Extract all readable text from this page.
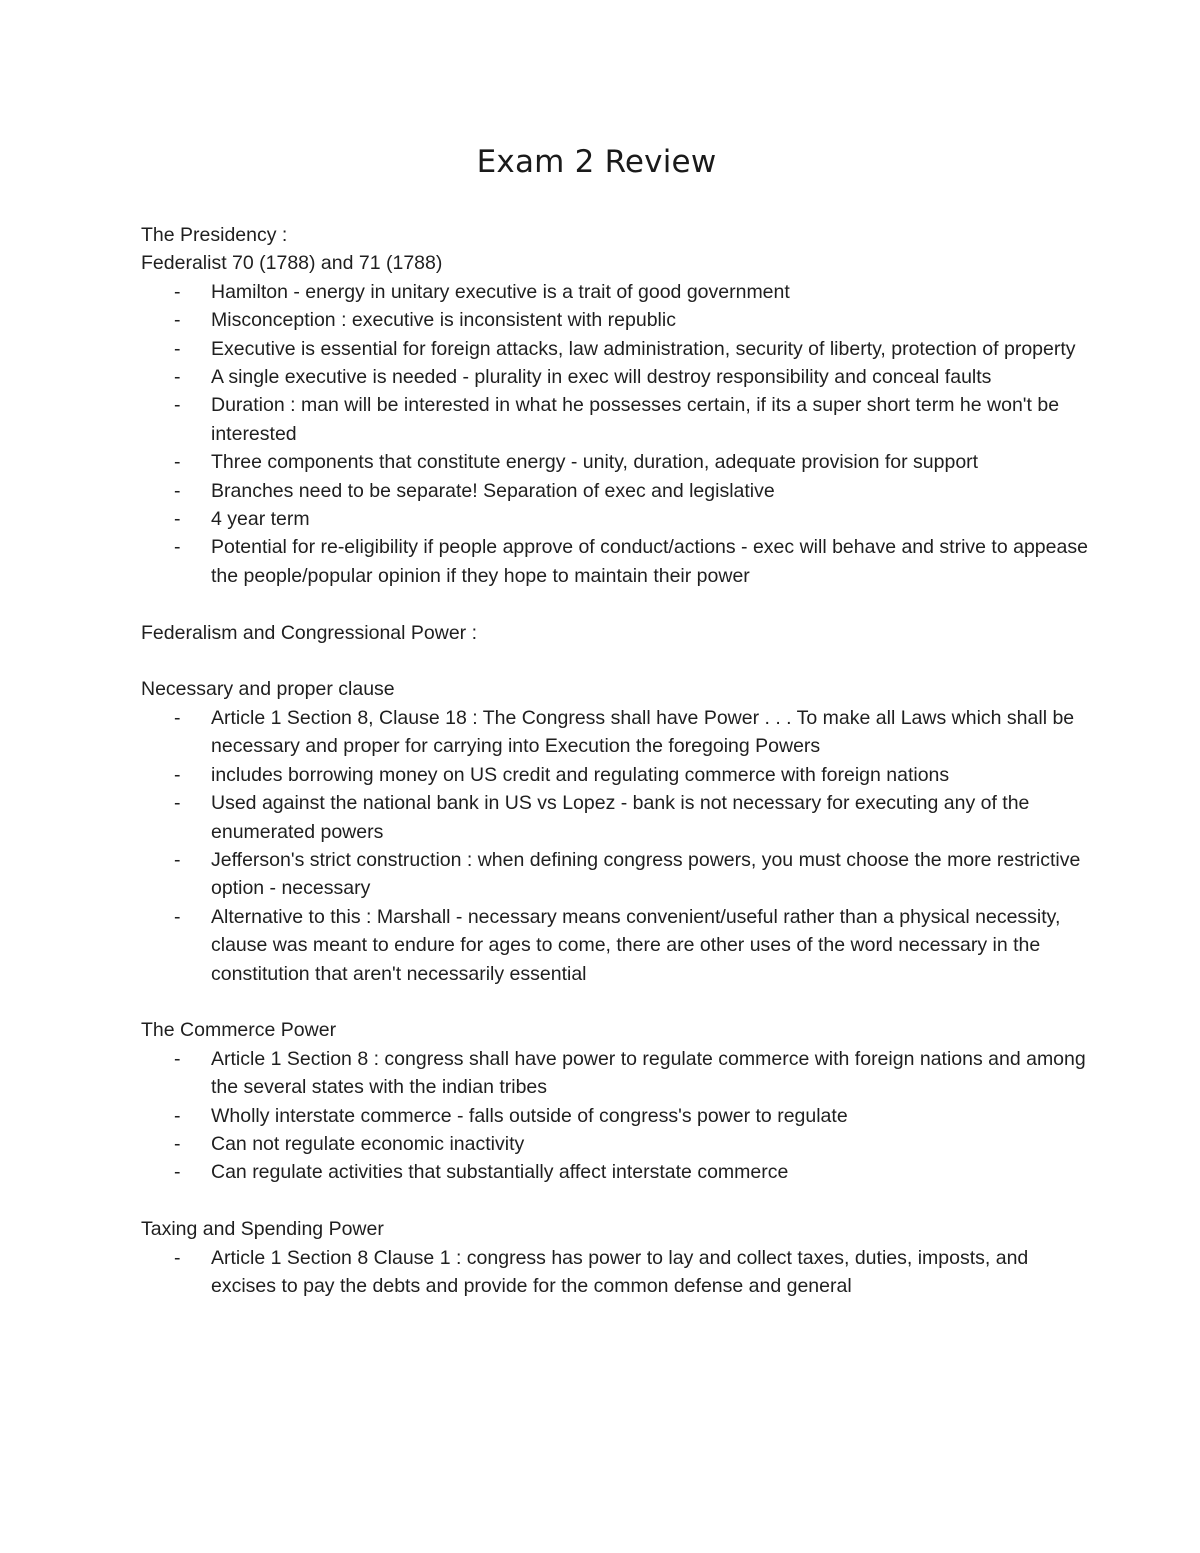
Exam 2 Review

The Presidency :

Federalist 70 (1788) and 71 (1788)

- Hamilton - energy in unitary executive is a trait of good government
- Misconception : executive is inconsistent with republic
- Executive is essential for foreign attacks, law administration, security of liberty, protection of property
- A single executive is needed - plurality in exec will destroy responsibility and conceal faults
- Duration : man will be interested in what he possesses certain, if its a super short term he won't be interested
- Three components that constitute energy - unity, duration, adequate provision for support
- Branches need to be separate! Separation of exec and legislative
- 4 year term
- Potential for re-eligibility if people approve of conduct/actions - exec will behave and strive to appease the people/popular opinion if they hope to maintain their power

Federalism and Congressional Power :

Necessary and proper clause

- Article 1 Section 8, Clause 18 : The Congress shall have Power . . . To make all Laws which shall be necessary and proper for carrying into Execution the foregoing Powers
- includes borrowing money on US credit and regulating commerce with foreign nations
- Used against the national bank in US vs Lopez - bank is not necessary for executing any of the enumerated powers
- Jefferson's strict construction : when defining congress powers, you must choose the more restrictive option - necessary
- Alternative to this : Marshall - necessary means convenient/useful rather than a physical necessity, clause was meant to endure for ages to come, there are other uses of the word necessary in the constitution that aren't necessarily essential

The Commerce Power

- Article 1 Section 8 : congress shall have power to regulate commerce with foreign nations and among the several states with the indian tribes
- Wholly interstate commerce - falls outside of congress's power to regulate
- Can not regulate economic inactivity
- Can regulate activities that substantially affect interstate commerce

Taxing and Spending Power

- Article 1 Section 8 Clause 1 : congress has power to lay and collect taxes, duties, imposts, and excises to pay the debts and provide for the common defense and general
